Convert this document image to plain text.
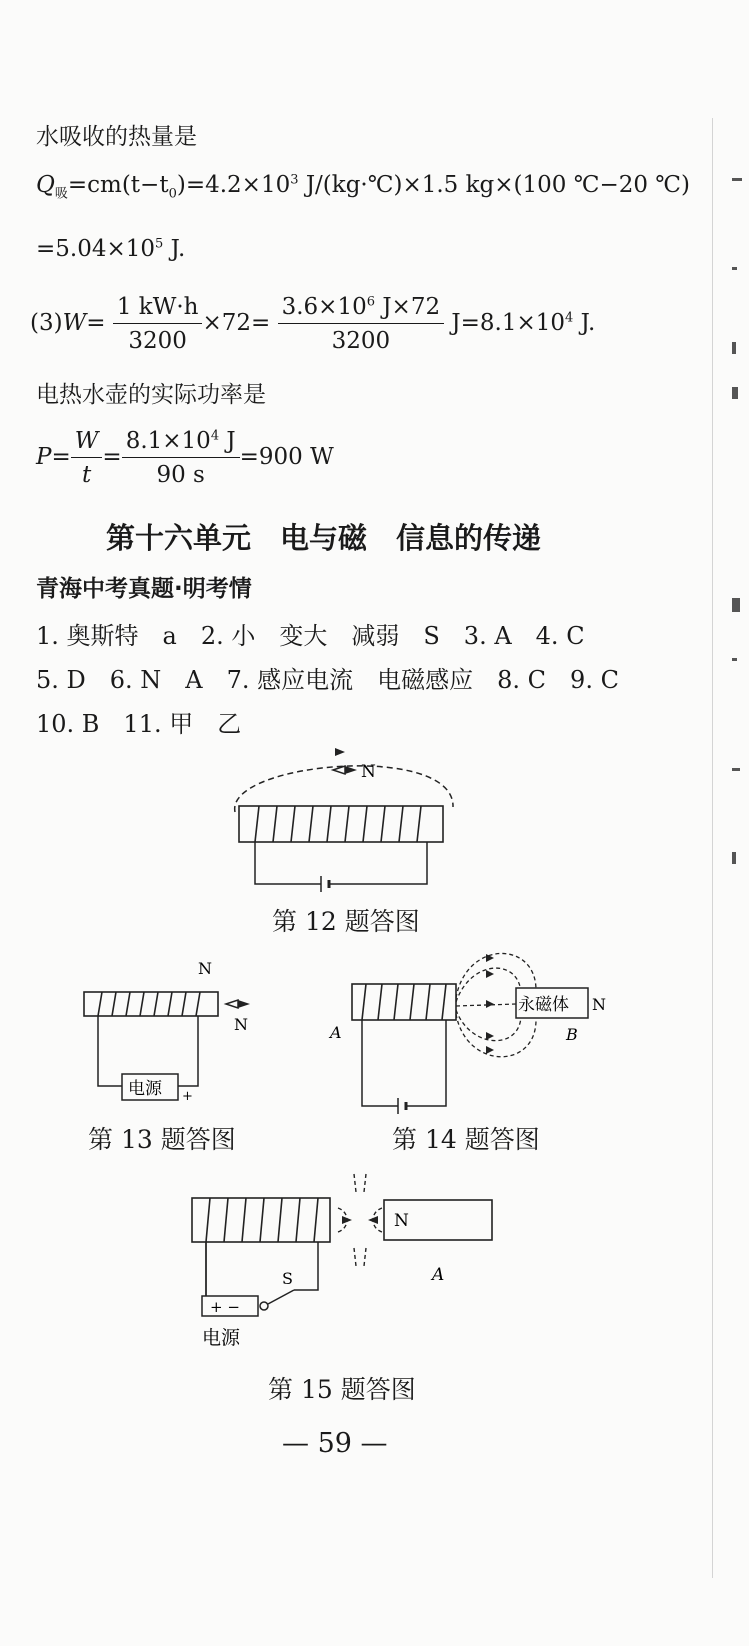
水吸收的热量是
$Q_吸=cm(t-t_0)=4.2\times 10^3$ J/(kg·℃)×1.5 kg×(100 ℃−20 ℃)
$=5.04\times 10^5$ J.
$(3)W= \frac{1 kW\cdot h}{3200} \times 72= \frac{3.6\times 10^6 J\times 72}{3200} J=8.1\times 10^4$ J.
电热水壶的实际功率是
$P= \frac{W}{t} = \frac{8.1\times 10^4 J}{90 s} =900$ W
第十六单元　电与磁　信息的传递
青海中考真题·明考情
1. 奥斯特　a　2. 小　变大　减弱　S　3. A　4. C
5. D　6. N　A　7. 感应电流　电磁感应　8. C　9. C
10. B　11. 甲　乙
N
第 12 题答图
N
N
电源 +
第 13 题答图
永磁体 N
B
A
第 14 题答图
N
A
+ −
S
电源
第 15 题答图
— 59 —
